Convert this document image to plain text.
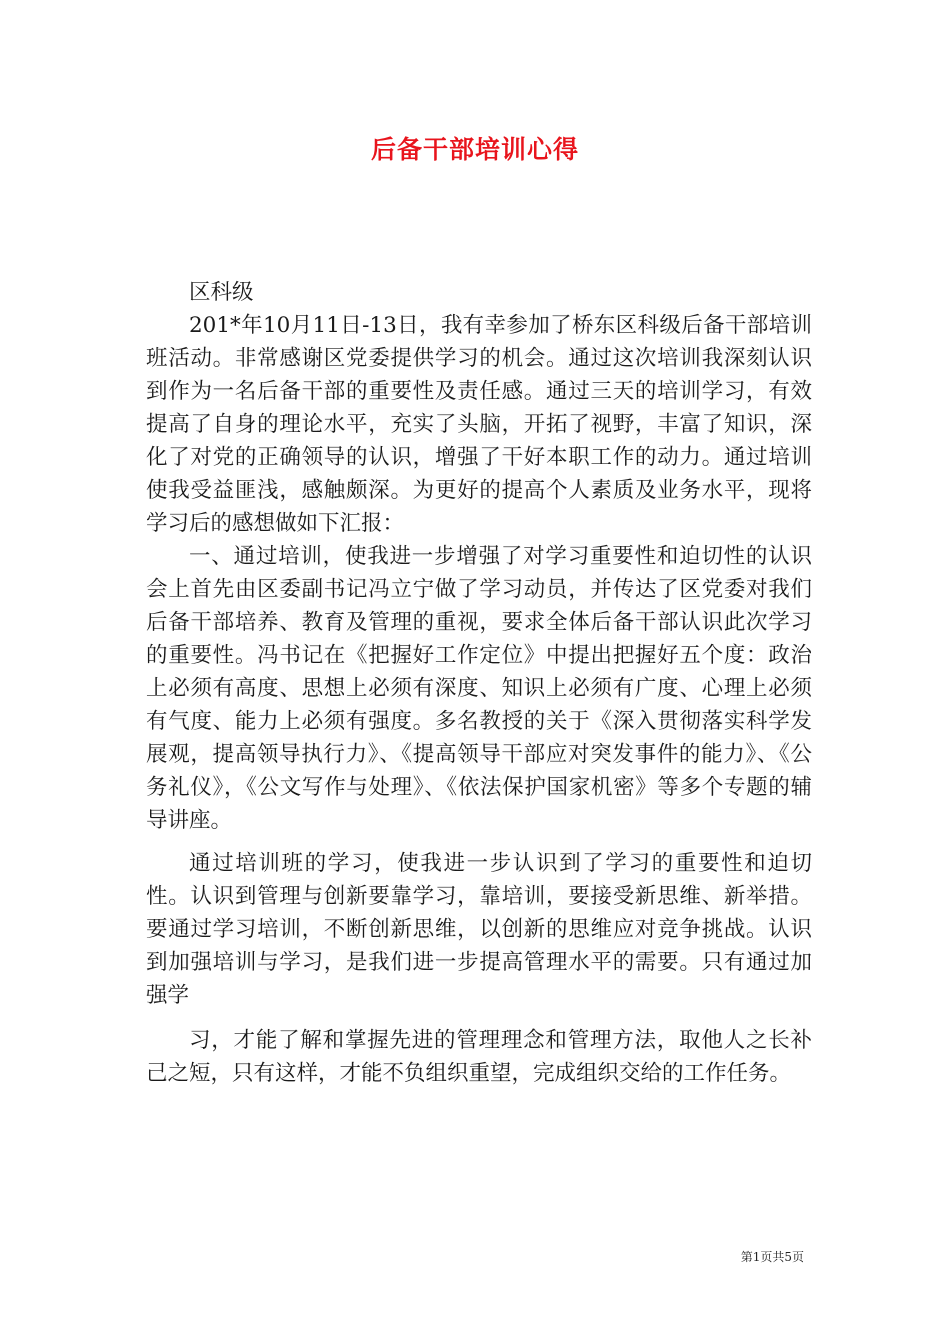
后备干部培训心得

区科级

201*年10月11日-13日，我有幸参加了桥东区科级后备干部培训班活动。非常感谢区党委提供学习的机会。通过这次培训我深刻认识到作为一名后备干部的重要性及责任感。通过三天的培训学习，有效提高了自身的理论水平，充实了头脑，开拓了视野，丰富了知识，深化了对党的正确领导的认识，增强了干好本职工作的动力。通过培训使我受益匪浅，感触颇深。为更好的提高个人素质及业务水平，现将学习后的感想做如下汇报：

一、通过培训，使我进一步增强了对学习重要性和迫切性的认识会上首先由区委副书记冯立宁做了学习动员，并传达了区党委对我们后备干部培养、教育及管理的重视，要求全体后备干部认识此次学习的重要性。冯书记在《把握好工作定位》中提出把握好五个度：政治上必须有高度、思想上必须有深度、知识上必须有广度、心理上必须有气度、能力上必须有强度。多名教授的关于《深入贯彻落实科学发展观，提高领导执行力》、《提高领导干部应对突发事件的能力》、《公务礼仪》，《公文写作与处理》、《依法保护国家机密》等多个专题的辅导讲座。

通过培训班的学习，使我进一步认识到了学习的重要性和迫切性。认识到管理与创新要靠学习，靠培训，要接受新思维、新举措。要通过学习培训，不断创新思维，以创新的思维应对竞争挑战。认识到加强培训与学习，是我们进一步提高管理水平的需要。只有通过加强学

习，才能了解和掌握先进的管理理念和管理方法，取他人之长补己之短，只有这样，才能不负组织重望，完成组织交给的工作任务。

第1页共5页
